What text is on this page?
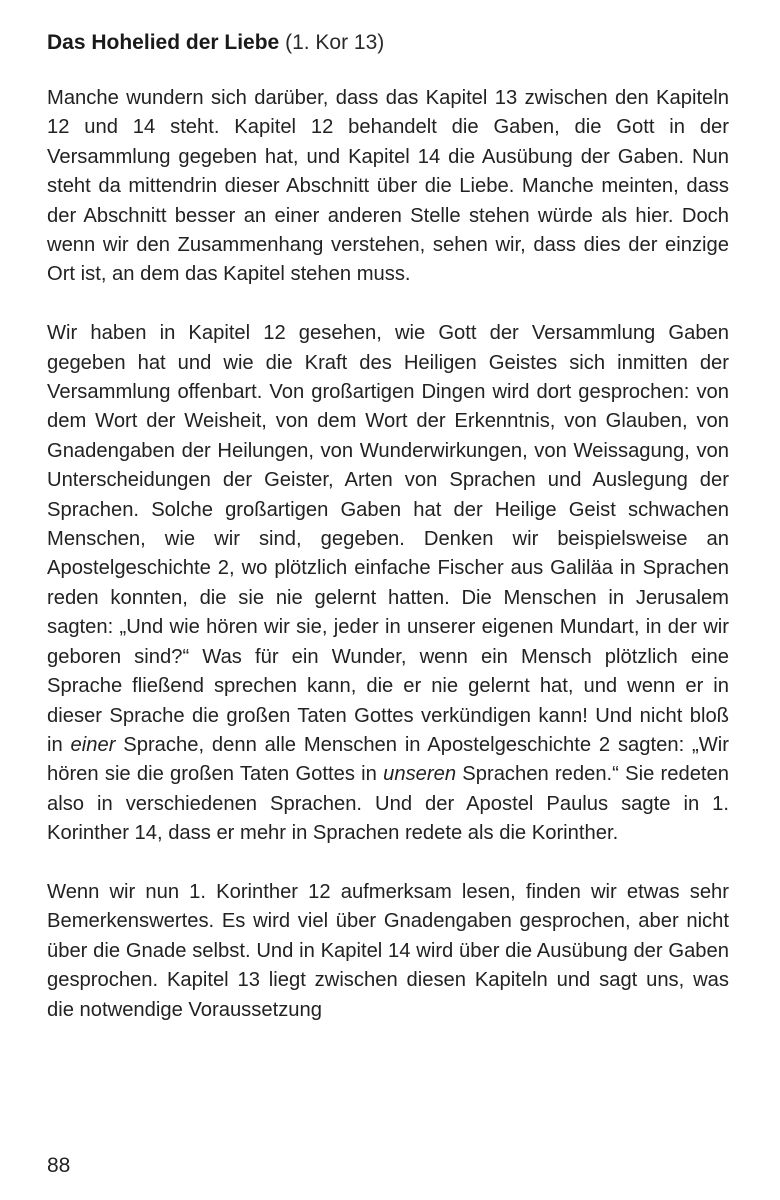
Das Hohelied der Liebe (1. Kor 13)

Manche wundern sich darüber, dass das Kapitel 13 zwischen den Kapiteln 12 und 14 steht. Kapitel 12 behandelt die Gaben, die Gott in der Versammlung gegeben hat, und Kapitel 14 die Ausübung der Gaben. Nun steht da mittendrin dieser Abschnitt über die Liebe. Manche meinten, dass der Abschnitt besser an einer anderen Stelle stehen würde als hier. Doch wenn wir den Zusammenhang verstehen, sehen wir, dass dies der einzige Ort ist, an dem das Kapitel stehen muss.

Wir haben in Kapitel 12 gesehen, wie Gott der Versammlung Gaben gegeben hat und wie die Kraft des Heiligen Geistes sich inmitten der Versammlung offenbart. Von großartigen Dingen wird dort gesprochen: von dem Wort der Weisheit, von dem Wort der Erkenntnis, von Glauben, von Gnadengaben der Heilungen, von Wunderwirkungen, von Weissagung, von Unterscheidungen der Geister, Arten von Sprachen und Auslegung der Sprachen. Solche großartigen Gaben hat der Heilige Geist schwachen Menschen, wie wir sind, gegeben. Denken wir beispielsweise an Apostelgeschichte 2, wo plötzlich einfache Fischer aus Galiläa in Sprachen reden konnten, die sie nie gelernt hatten. Die Menschen in Jerusalem sagten: „Und wie hören wir sie, jeder in unserer eigenen Mundart, in der wir geboren sind?“ Was für ein Wunder, wenn ein Mensch plötzlich eine Sprache fließend sprechen kann, die er nie gelernt hat, und wenn er in dieser Sprache die großen Taten Gottes verkündigen kann! Und nicht bloß in einer Sprache, denn alle Menschen in Apostelgeschichte 2 sagten: „Wir hören sie die großen Taten Gottes in unseren Sprachen reden.“ Sie redeten also in verschiedenen Sprachen. Und der Apostel Paulus sagte in 1. Korinther 14, dass er mehr in Sprachen redete als die Korinther.

Wenn wir nun 1. Korinther 12 aufmerksam lesen, finden wir etwas sehr Bemerkenswertes. Es wird viel über Gnadengaben gesprochen, aber nicht über die Gnade selbst. Und in Kapitel 14 wird über die Ausübung der Gaben gesprochen. Kapitel 13 liegt zwischen diesen Kapiteln und sagt uns, was die notwendige Voraussetzung

88
